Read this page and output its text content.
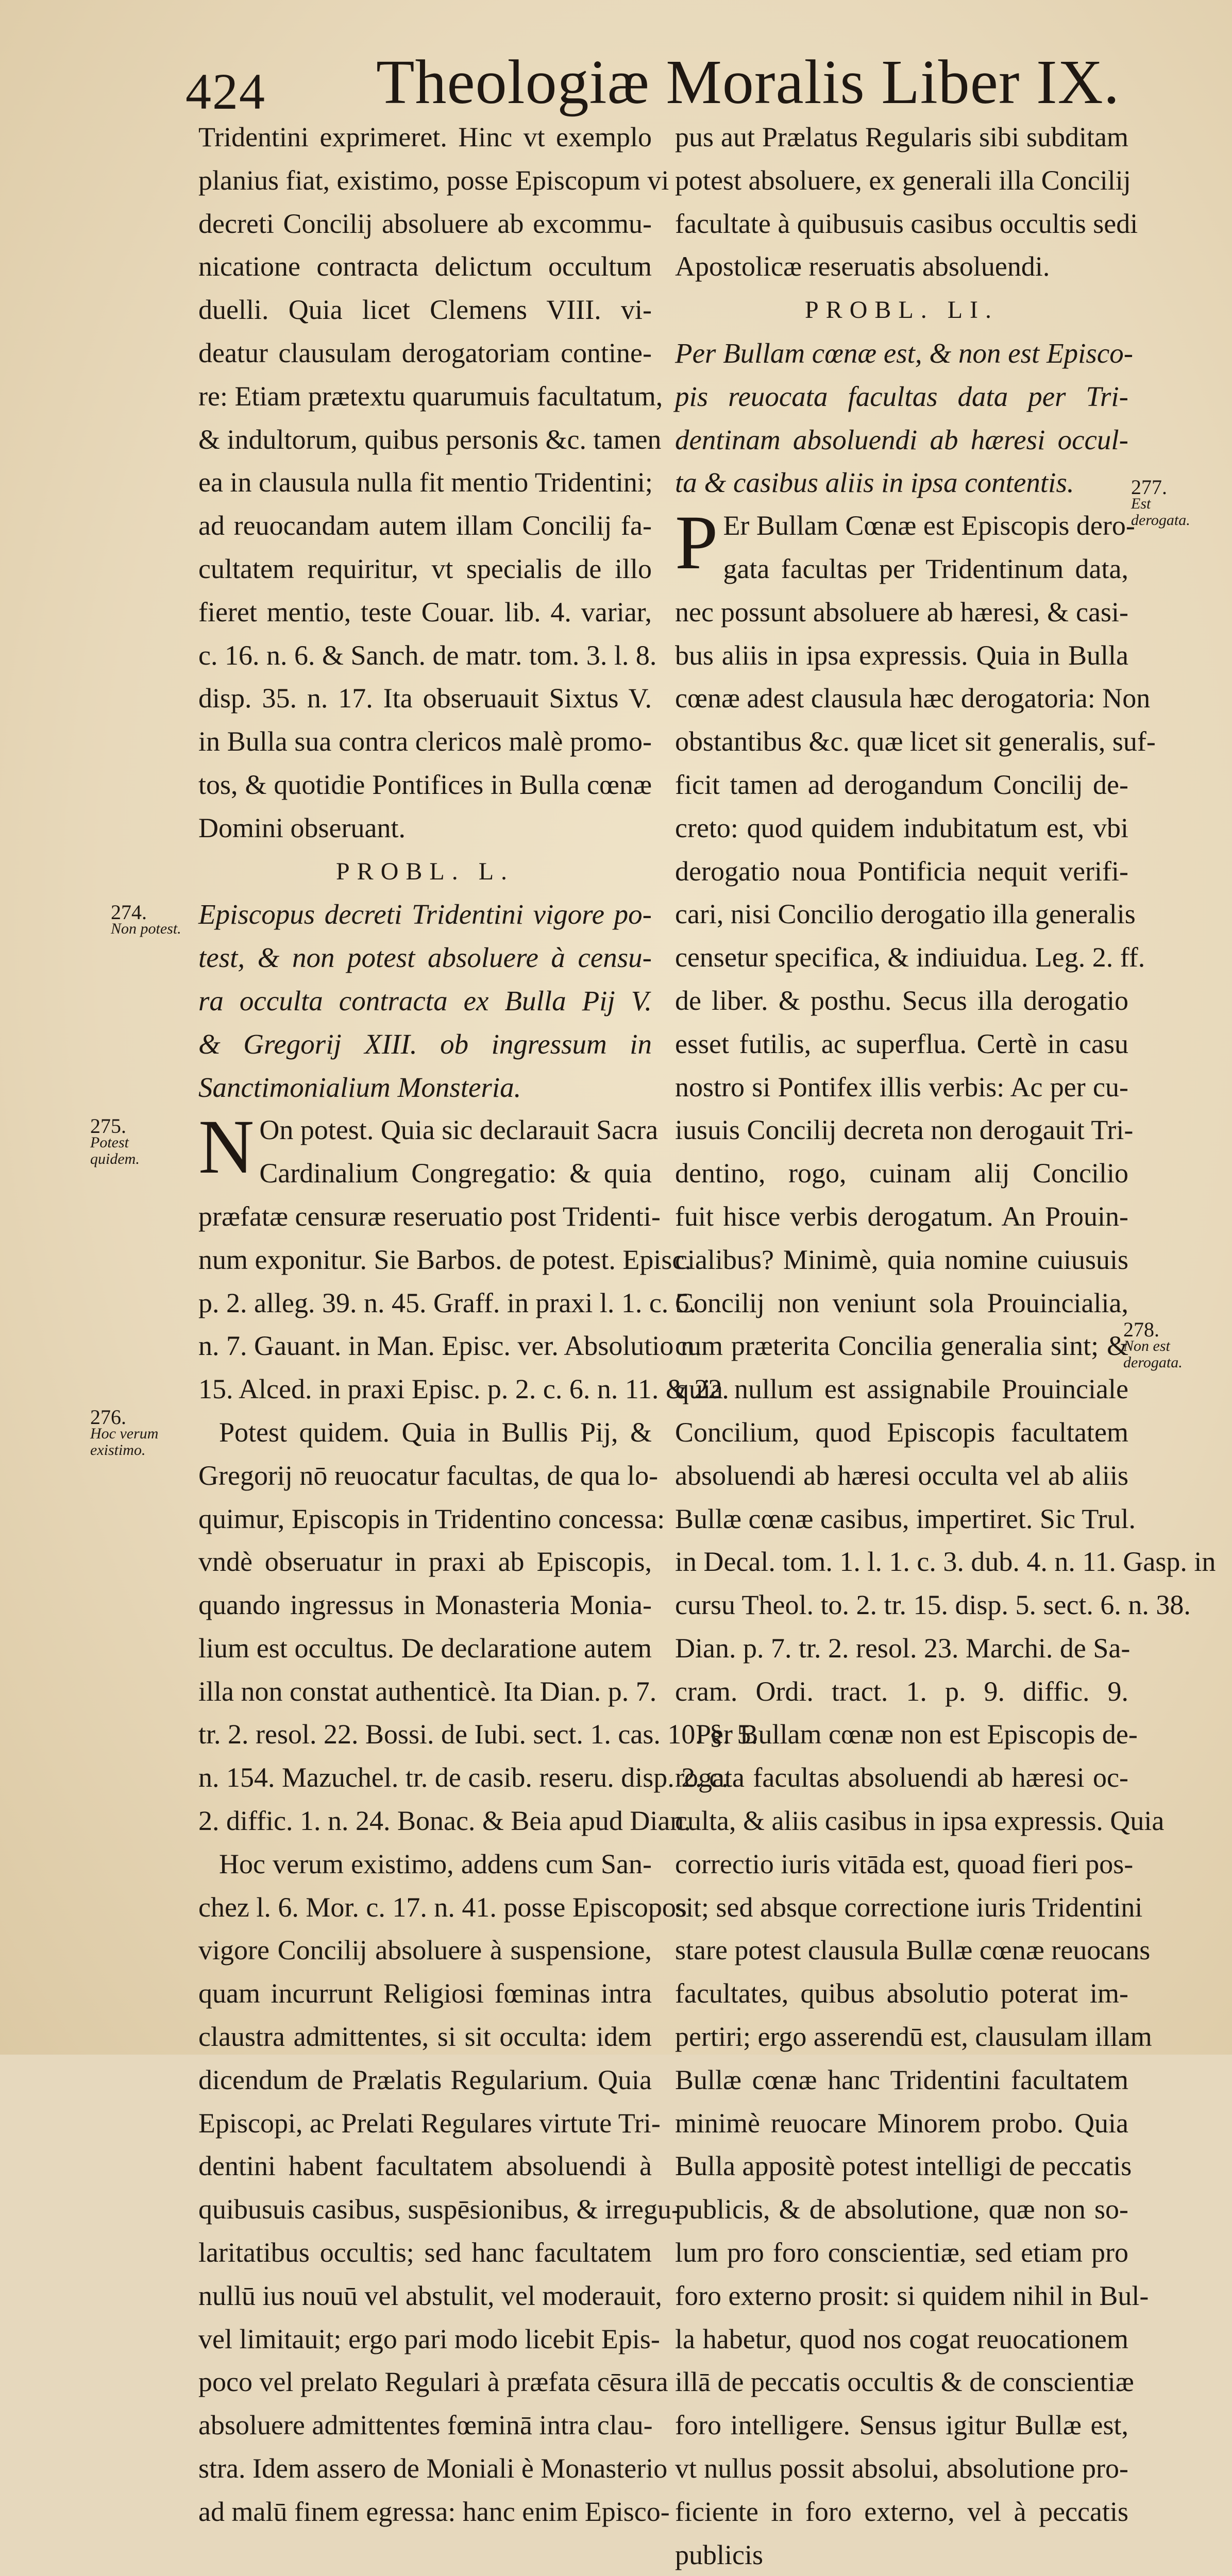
424 Theologiæ Moralis Liber IX.
Tridentini exprimeret. Hinc vt exemplo
planius fiat, existimo, posse Episcopum vi
decreti Concilij absoluere ab excommu-
nicatione contracta delictum occultum
duelli. Quia licet Clemens VIII. vi-
deatur clausulam derogatoriam contine-
re: Etiam prætextu quarumuis facultatum,
& indultorum, quibus personis &c. tamen
ea in clausula nulla fit mentio Tridentini;
ad reuocandam autem illam Concilij fa-
cultatem requiritur, vt specialis de illo
fieret mentio, teste Couar. lib. 4. variar,
c. 16. n. 6. & Sanch. de matr. tom. 3. l. 8.
disp. 35. n. 17. Ita obseruauit Sixtus V.
in Bulla sua contra clericos malè promo-
tos, & quotidie Pontifices in Bulla cœnæ
Domini obseruant.
PROBL. L.
Episcopus decreti Tridentini vigore po-
test, & non potest absoluere à censu-
ra occulta contracta ex Bulla Pij V.
& Gregorij XIII. ob ingressum in
Sanctimonialium Monsteria.
N On potest. Quia sic declarauit Sacra
Cardinalium Congregatio: & quia
præfatæ censuræ reseruatio post Tridenti-
num exponitur. Sie Barbos. de potest. Episc.
p. 2. alleg. 39. n. 45. Graff. in praxi l. 1. c. 5.
n. 7. Gauant. in Man. Episc. ver. Absolutio n.
15. Alced. in praxi Episc. p. 2. c. 6. n. 11. & 22.
Potest quidem. Quia in Bullis Pij, &
Gregorij nō reuocatur facultas, de qua lo-
quimur, Episcopis in Tridentino concessa:
vndè obseruatur in praxi ab Episcopis,
quando ingressus in Monasteria Monia-
lium est occultus. De declaratione autem
illa non constat authenticè. Ita Dian. p. 7.
tr. 2. resol. 22. Bossi. de Iubi. sect. 1. cas. 10. §. 5.
n. 154. Mazuchel. tr. de casib. reseru. disp. 2. c.
2. diffic. 1. n. 24. Bonac. & Beia apud Dian.
Hoc verum existimo, addens cum San-
chez l. 6. Mor. c. 17. n. 41. posse Episcopos
vigore Concilij absoluere à suspensione,
quam incurrunt Religiosi fœminas intra
claustra admittentes, si sit occulta: idem
dicendum de Prælatis Regularium. Quia
Episcopi, ac Prelati Regulares virtute Tri-
dentini habent facultatem absoluendi à
quibusuis casibus, suspēsionibus, & irregu-
laritatibus occultis; sed hanc facultatem
nullū ius nouū vel abstulit, vel moderauit,
vel limitauit; ergo pari modo licebit Epis-
poco vel prelato Regulari à præfata cēsura
absoluere admittentes fœminā intra clau-
stra. Idem assero de Moniali è Monasterio
ad malū finem egressa: hanc enim Episco-
pus aut Prælatus Regularis sibi subditam
potest absoluere, ex generali illa Concilij
facultate à quibusuis casibus occultis sedi
Apostolicæ reseruatis absoluendi.
PROBL. LI.
Per Bullam cœnæ est, & non est Episco-
pis reuocata facultas data per Tri-
dentinam absoluendi ab hæresi occul-
ta & casibus aliis in ipsa contentis.
P Er Bullam Cœnæ est Episcopis dero-
gata facultas per Tridentinum data,
nec possunt absoluere ab hæresi, & casi-
bus aliis in ipsa expressis. Quia in Bulla
cœnæ adest clausula hæc derogatoria: Non
obstantibus &c. quæ licet sit generalis, suf-
ficit tamen ad derogandum Concilij de-
creto: quod quidem indubitatum est, vbi
derogatio noua Pontificia nequit verifi-
cari, nisi Concilio derogatio illa generalis
censetur specifica, & indiuidua. Leg. 2. ff.
de liber. & posthu. Secus illa derogatio
esset futilis, ac superflua. Certè in casu
nostro si Pontifex illis verbis: Ac per cu-
iusuis Concilij decreta non derogauit Tri-
dentino, rogo, cuinam alij Concilio
fuit hisce verbis derogatum. An Prouin-
cialibus? Minimè, quia nomine cuiusuis
Concilij non veniunt sola Prouincialia,
cum præterita Concilia generalia sint; &
quia nullum est assignabile Prouinciale
Concilium, quod Episcopis facultatem
absoluendi ab hæresi occulta vel ab aliis
Bullæ cœnæ casibus, impertiret. Sic Trul.
in Decal. tom. 1. l. 1. c. 3. dub. 4. n. 11. Gasp. in
cursu Theol. to. 2. tr. 15. disp. 5. sect. 6. n. 38.
Dian. p. 7. tr. 2. resol. 23. Marchi. de Sa-
cram. Ordi. tract. 1. p. 9. diffic. 9.
Per Bullam cœnæ non est Episcopis de-
rogata facultas absoluendi ab hæresi oc-
culta, & aliis casibus in ipsa expressis. Quia
correctio iuris vitāda est, quoad fieri pos-
sit; sed absque correctione iuris Tridentini
stare potest clausula Bullæ cœnæ reuocans
facultates, quibus absolutio poterat im-
pertiri; ergo asserendū est, clausulam illam
Bullæ cœnæ hanc Tridentini facultatem
minimè reuocare Minorem probo. Quia
Bulla appositè potest intelligi de peccatis
publicis, & de absolutione, quæ non so-
lum pro foro conscientiæ, sed etiam pro
foro externo prosit: si quidem nihil in Bul-
la habetur, quod nos cogat reuocationem
illā de peccatis occultis & de conscientiæ
foro intelligere. Sensus igitur Bullæ est,
vt nullus possit absolui, absolutione pro-
ficiente in foro externo, vel à peccatis
publicis
274.
Non potest.
275.
Potest quidem.
276.
Hoc verum existimo.
277.
Est derogata.
278.
Non est derogata.
